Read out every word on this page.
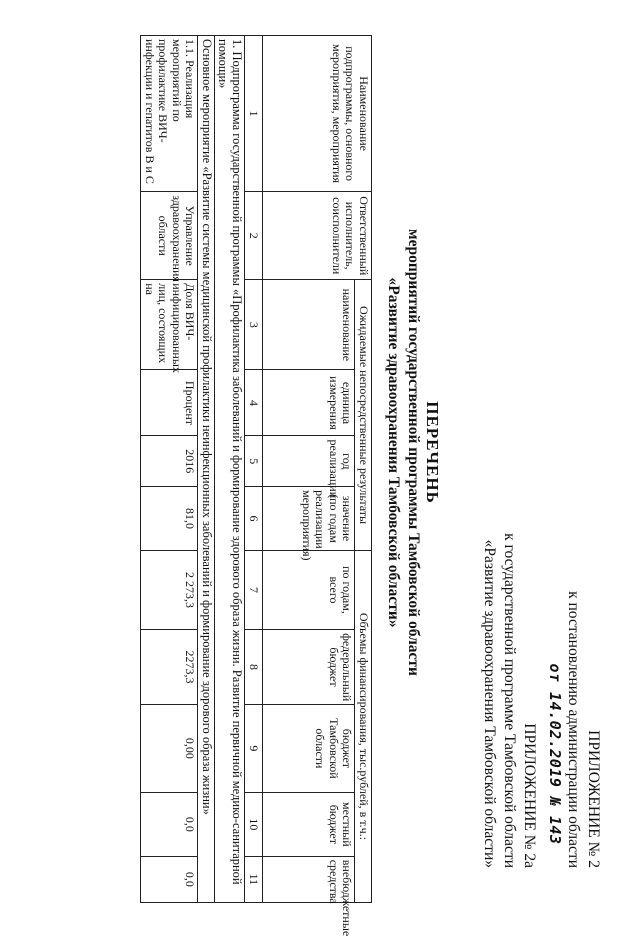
ПРИЛОЖЕНИЕ № 2
к постановлению администрации области
от 14.02.2019 № 143
ПРИЛОЖЕНИЕ № 2а
к государственной программе Тамбовской области
«Развитие здравоохранения Тамбовской области»
ПЕРЕЧЕНЬ
мероприятий государственной программы Тамбовской области
«Развитие здравоохранения Тамбовской области»
Наименование подпрограммы, основного мероприятия, мероприятия	Ответственный исполнитель, соисполнители	Ожидаемые непосредственные результаты				Объемы финансирования, тыс.рублей, в т.ч.:				
		наименование	единица измерения	год реализации	значение (по годам реализации мероприятия)	по годам, всего	федеральный бюджет	бюджет Тамбовской области	местный бюджет	внебюджетные средства
1	2	3	4	5	6	7	8	9	10	11
1. Подпрограмма государственной программы «Профилактика заболеваний и формирование здорового образа жизни. Развитие первичной медико-санитарной помощи»										
Основное мероприятие «Развитие системы медицинской профилактики неинфекционных заболеваний и формирование здорового образа жизни»										
1.1. Реализация мероприятий по профилактике ВИЧ-инфекции и гепатитов B и C	Управление здравоохранения области	Доля ВИЧ-инфицированных лиц, состоящих на	Процент	2016	81,0	2 273,3	2273,3	0,00	0,0	0,0
